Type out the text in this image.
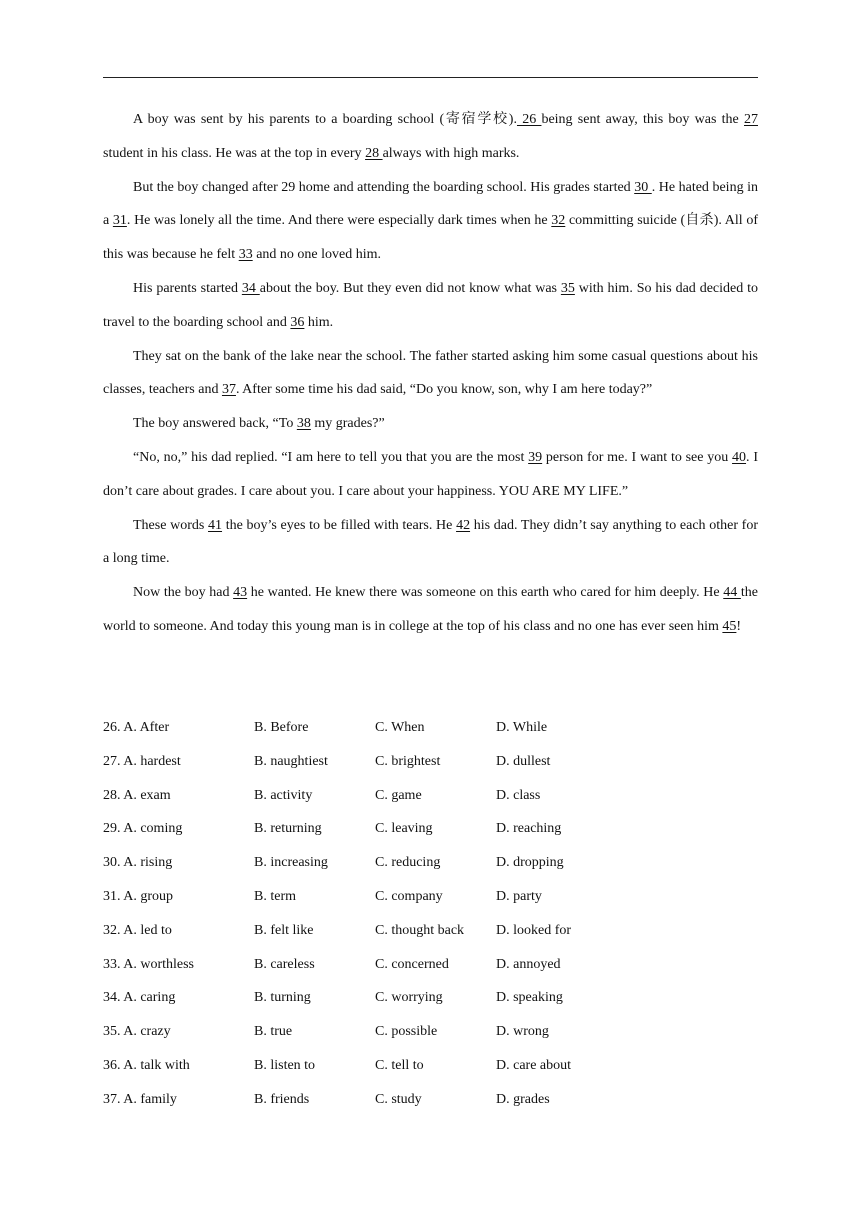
A boy was sent by his parents to a boarding school (寄宿学校). 26 being sent away, this boy was the 27 student in his class. He was at the top in every 28 always with high marks.

But the boy changed after 29 home and attending the boarding school. His grades started 30 . He hated being in a 31. He was lonely all the time. And there were especially dark times when he 32 committing suicide (自杀). All of this was because he felt 33 and no one loved him.

His parents started 34 about the boy. But they even did not know what was 35 with him. So his dad decided to travel to the boarding school and 36 him.

They sat on the bank of the lake near the school. The father started asking him some casual questions about his classes, teachers and 37. After some time his dad said, “Do you know, son, why I am here today?”

The boy answered back, “To 38 my grades?”

“No, no,” his dad replied. “I am here to tell you that you are the most 39 person for me. I want to see you 40. I don’t care about grades. I care about you. I care about your happiness. YOU ARE MY LIFE.”

These words 41 the boy’s eyes to be filled with tears. He 42 his dad. They didn’t say anything to each other for a long time.

Now the boy had 43 he wanted. He knew there was someone on this earth who cared for him deeply. He 44 the world to someone. And today this young man is in college at the top of his class and no one has ever seen him 45!

26. A. After	B. Before	C. When	D. While
27. A. hardest	B. naughtiest	C. brightest	D. dullest
28. A. exam	B. activity	C. game	D. class
29. A. coming	B. returning	C. leaving	D. reaching
30. A. rising	B. increasing	C. reducing	D. dropping
31. A. group	B. term	C. company	D. party
32. A. led to	B. felt like	C. thought back	D. looked for
33. A. worthless	B. careless	C. concerned	D. annoyed
34. A. caring	B. turning	C. worrying	D. speaking
35. A. crazy	B. true	C. possible	D. wrong
36. A. talk with	B. listen to	C. tell to	D. care about
37. A. family	B. friends	C. study	D. grades
